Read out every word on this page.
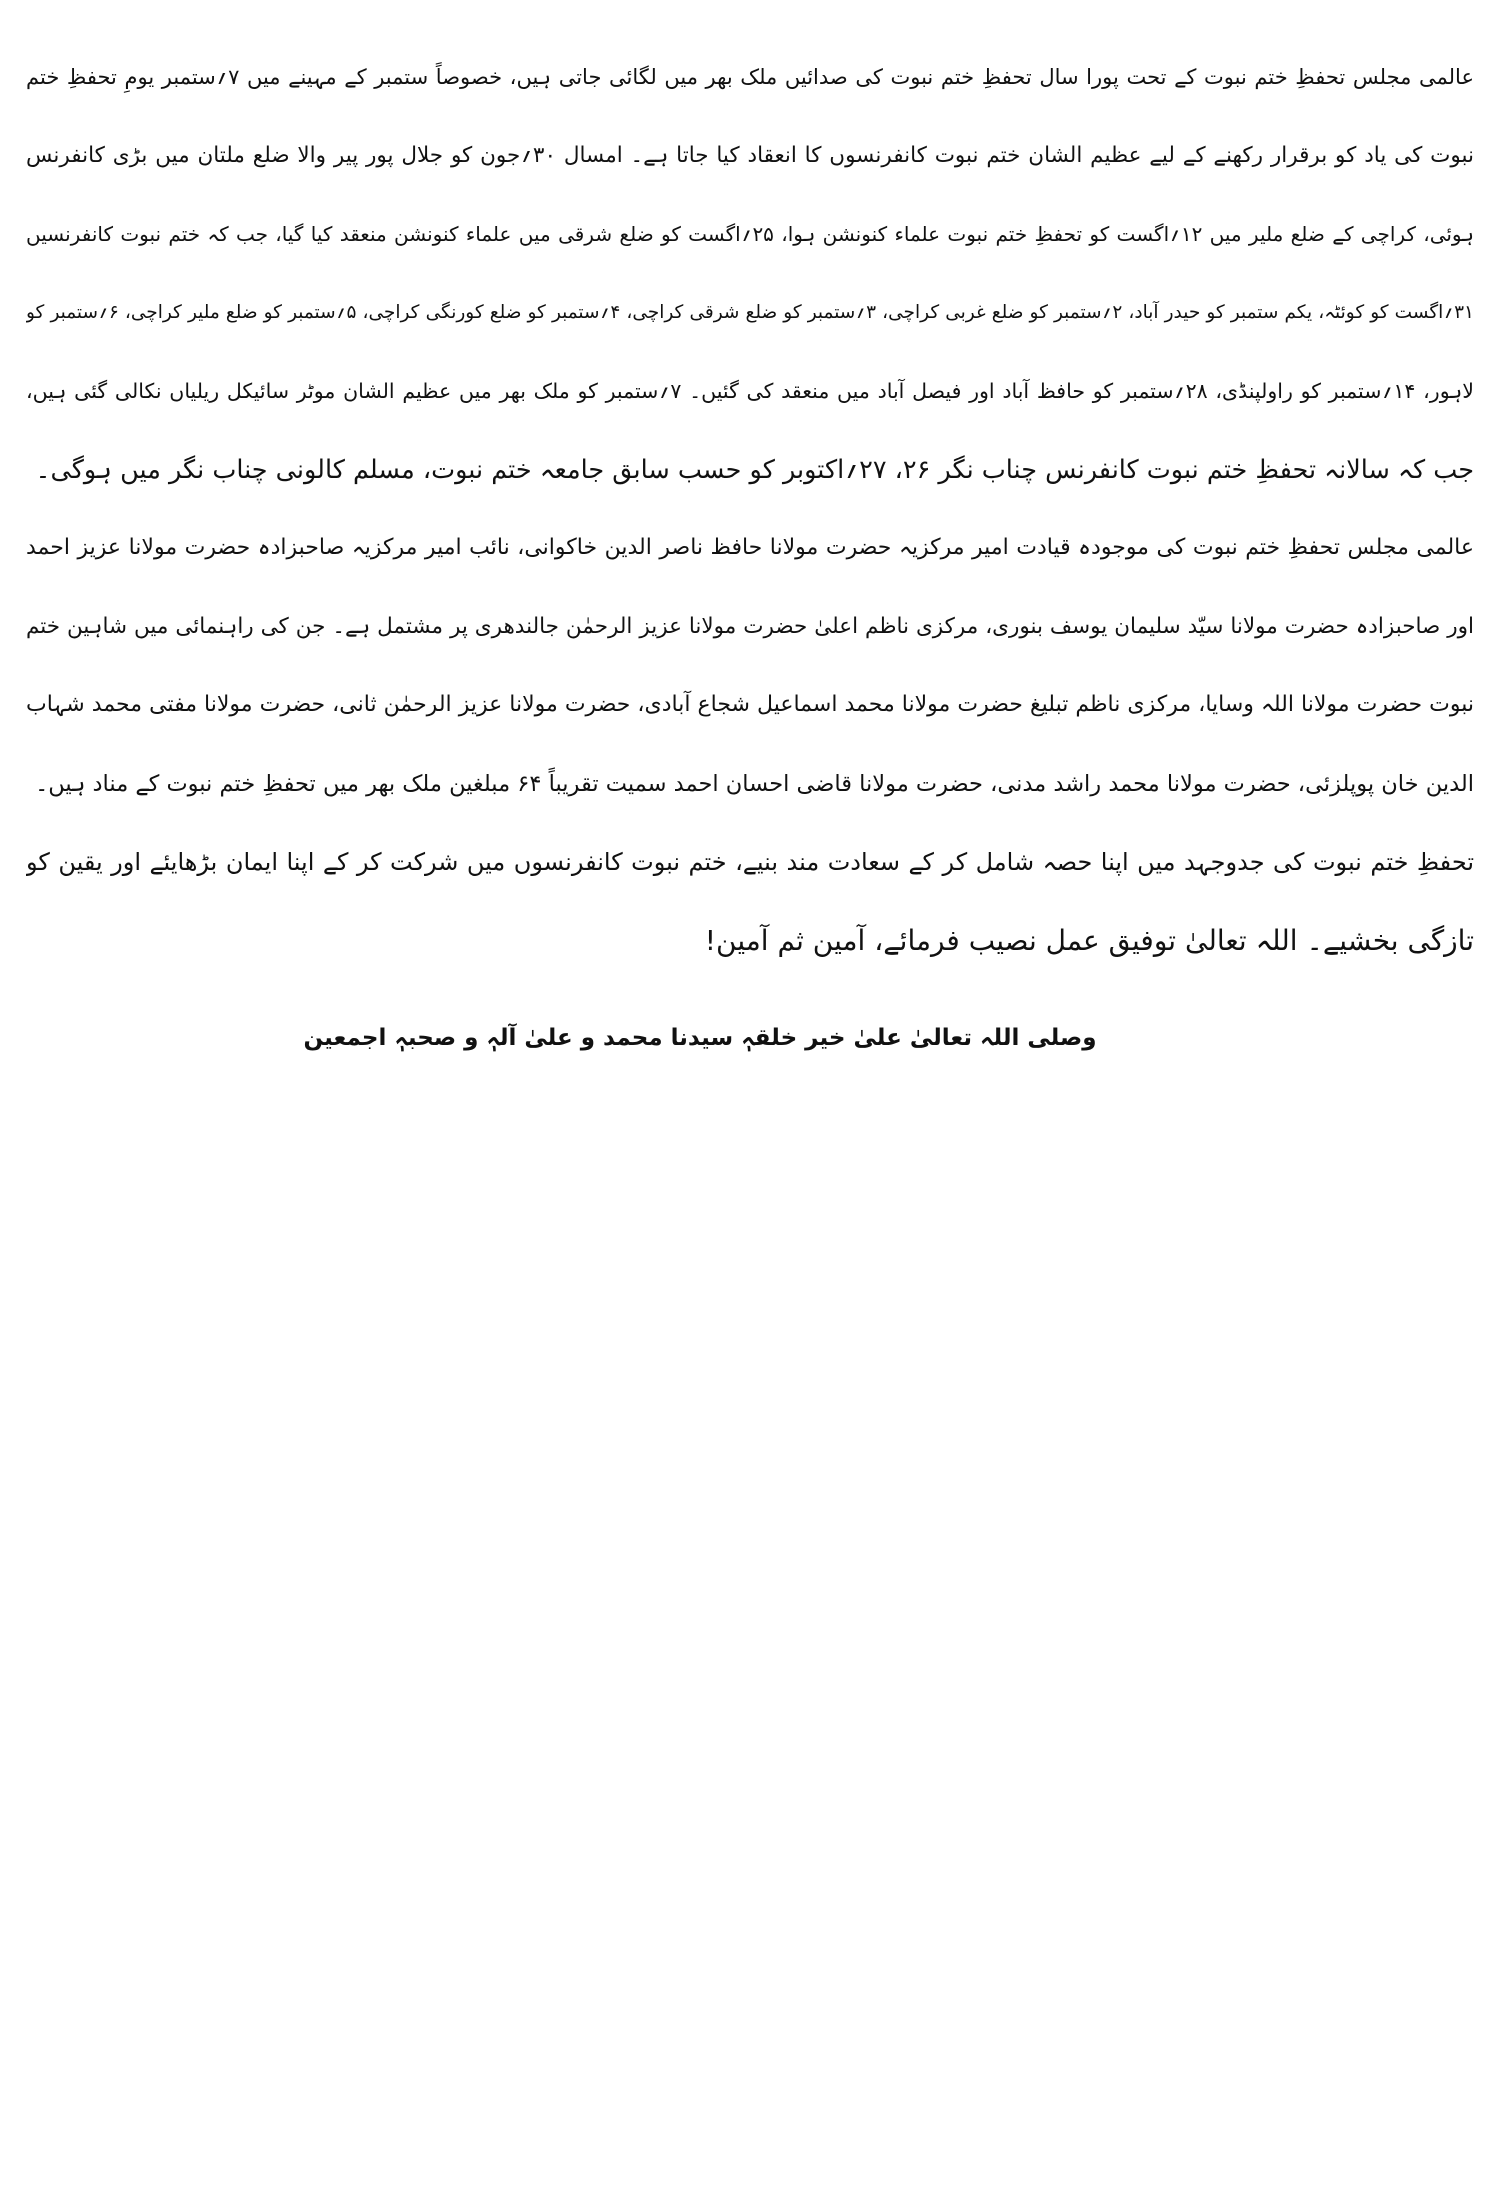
عالمی مجلس تحفظِ ختم نبوت کے تحت پورا سال تحفظِ ختم نبوت کی صدائیں ملک بھر میں لگائی جاتی ہیں، خصوصاً ستمبر کے مہینے میں ۷؍ستمبر یومِ تحفظِ ختم
نبوت کی یاد کو برقرار رکھنے کے لیے عظیم الشان ختم نبوت کانفرنسوں کا انعقاد کیا جاتا ہے۔ امسال ۳۰؍جون کو جلال پور پیر والا ضلع ملتان میں بڑی کانفرنس
ہوئی، کراچی کے ضلع ملیر میں ۱۲؍اگست کو تحفظِ ختم نبوت علماء کنونشن ہوا، ۲۵؍اگست کو ضلع شرقی میں علماء کنونشن منعقد کیا گیا، جب کہ ختم نبوت کانفرنسیں
۳۱؍اگست کو کوئٹہ، یکم ستمبر کو حیدر آباد، ۲؍ستمبر کو ضلع غربی کراچی، ۳؍ستمبر کو ضلع شرقی کراچی، ۴؍ستمبر کو ضلع کورنگی کراچی، ۵؍ستمبر کو ضلع ملیر کراچی، ۶؍ستمبر کو
لاہور، ۱۴؍ستمبر کو راولپنڈی، ۲۸؍ستمبر کو حافظ آباد اور فیصل آباد میں منعقد کی گئیں۔ ۷؍ستمبر کو ملک بھر میں عظیم الشان موٹر سائیکل ریلیاں نکالی گئی ہیں،
جب کہ سالانہ تحفظِ ختم نبوت کانفرنس چناب نگر ۲۶، ۲۷؍اکتوبر کو حسب سابق جامعہ ختم نبوت، مسلم کالونی چناب نگر میں ہوگی۔
عالمی مجلس تحفظِ ختم نبوت کی موجودہ قیادت امیر مرکزیہ حضرت مولانا حافظ ناصر الدین خاکوانی، نائب امیر مرکزیہ صاحبزادہ حضرت مولانا عزیز احمد
اور صاحبزادہ حضرت مولانا سیّد سلیمان یوسف بنوری، مرکزی ناظم اعلیٰ حضرت مولانا عزیز الرحمٰن جالندھری پر مشتمل ہے۔ جن کی راہنمائی میں شاہین ختم
نبوت حضرت مولانا اللہ وسایا، مرکزی ناظم تبلیغ حضرت مولانا محمد اسماعیل شجاع آبادی، حضرت مولانا عزیز الرحمٰن ثانی، حضرت مولانا مفتی محمد شہاب
الدین خان پوپلزئی، حضرت مولانا محمد راشد مدنی، حضرت مولانا قاضی احسان احمد سمیت تقریباً ۶۴ مبلغین ملک بھر میں تحفظِ ختم نبوت کے مناد ہیں۔
تحفظِ ختم نبوت کی جدوجہد میں اپنا حصہ شامل کر کے سعادت مند بنیے، ختم نبوت کانفرنسوں میں شرکت کر کے اپنا ایمان بڑھایئے اور یقین کو
تازگی بخشیے۔ اللہ تعالیٰ توفیق عمل نصیب فرمائے، آمین ثم آمین!
وصلی اللہ تعالیٰ علیٰ خیر خلقہٖ سیدنا محمد و علیٰ آلہٖ و صحبہٖ اجمعین
